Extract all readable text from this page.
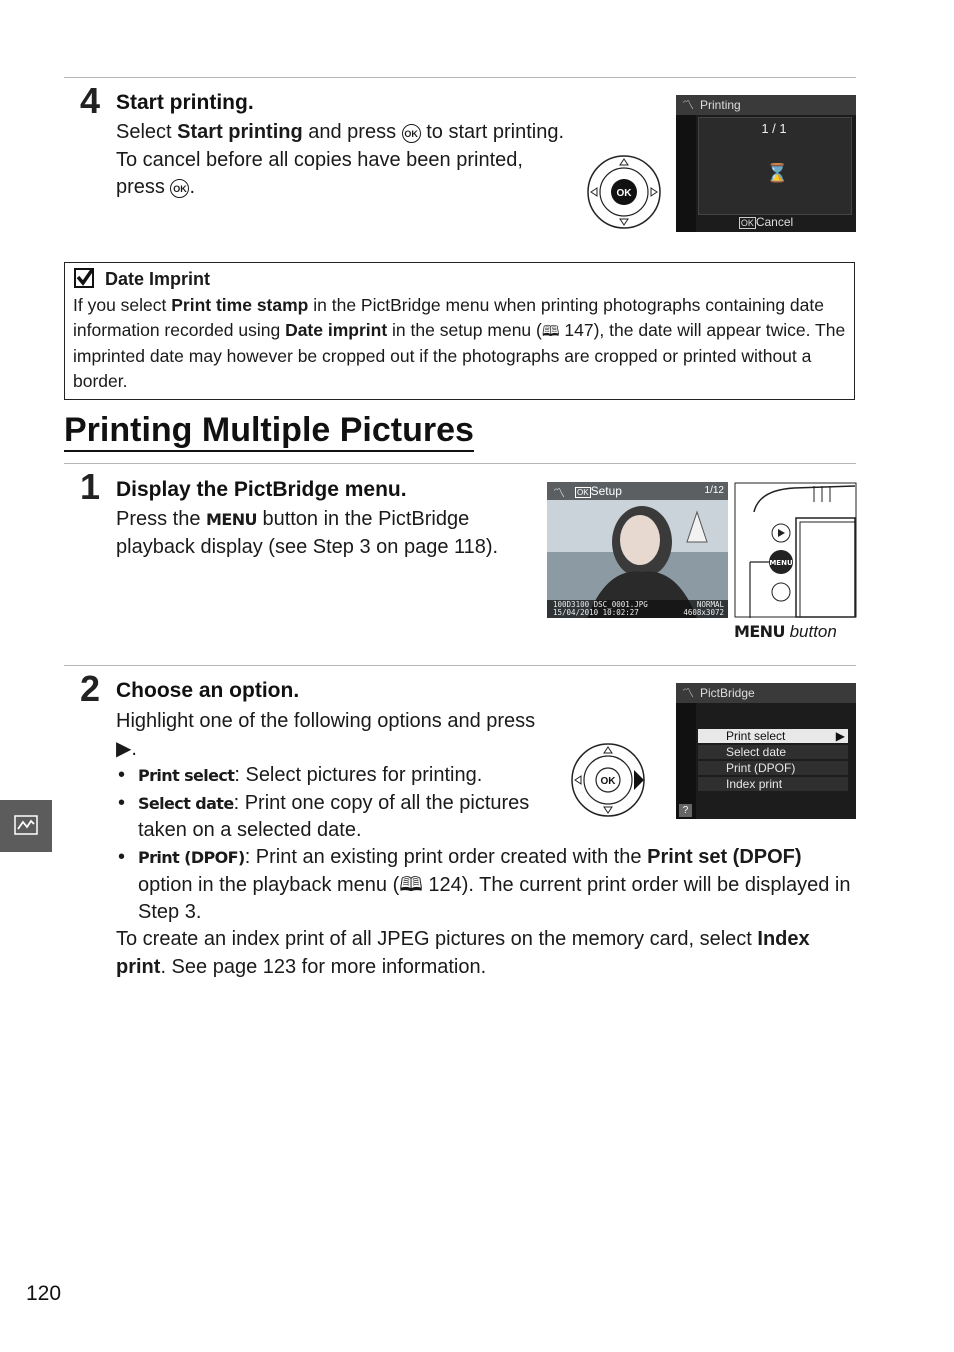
4 Start printing.
Select Start printing and press OK to start printing. To cancel before all copies have been printed, press OK .	OK
〽 Printing
1 / 1
⌛
OK Cancel
Date Imprint
If you select Print time stamp in the PictBridge menu when printing photographs containing date information recorded using Date imprint in the setup menu (🕮 147), the date will appear twice. The imprinted date may however be cropped out if the photographs are cropped or printed without a border.
Printing Multiple Pictures
1 Display the PictBridge menu.
Press the MENU button in the PictBridge playback display (see Step 3 on page 118).
〽 OK Setup	1/12
100D3100 DSC_0001.JPG
15/04/2010 10:02:27
NORMAL
4608x3072
MENU
MENU button
2 Choose an option.
Highlight one of the following options and press ▶.
• Print select: Select pictures for printing.
• Select date: Print one copy of all the pictures taken on a selected date.
• Print (DPOF): Print an existing print order created with the Print set (DPOF) option in the playback menu (🕮 124). The current print order will be displayed in Step 3.
To create an index print of all JPEG pictures on the memory card, select Index print. See page 123 for more information.
OK
〽 PictBridge
Print select	▶
Select date
Print (DPOF)
Index print
?
120
